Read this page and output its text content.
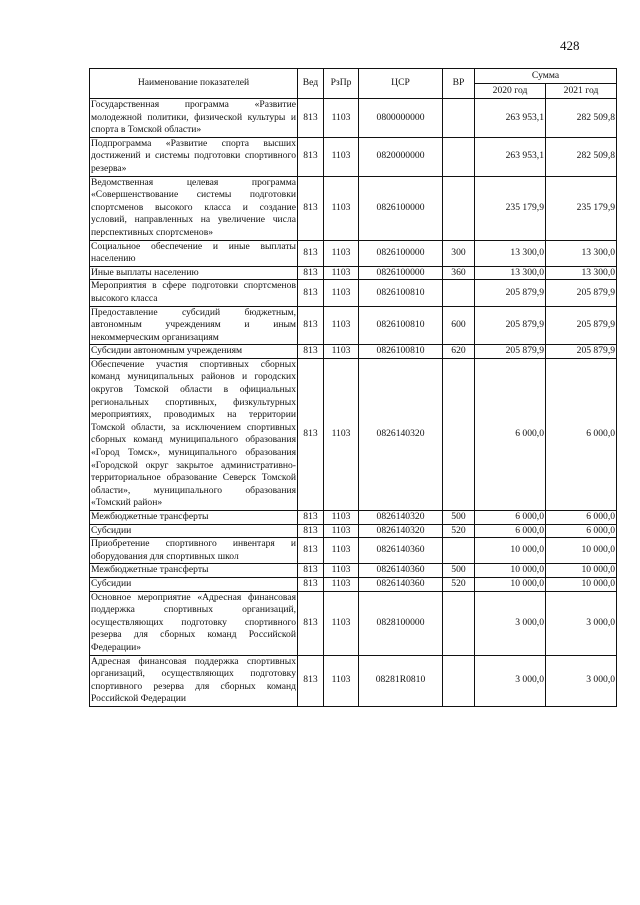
428
Наименование показателей	Вед	РзПр	ЦСР	ВР	Сумма	
					2020 год	2021 год
Государственная программа «Развитие молодежной политики, физической культуры и спорта в Томской области»	813	1103	0800000000		263 953,1	282 509,8
Подпрограмма «Развитие спорта высших достижений и системы подготовки спортивного резерва»	813	1103	0820000000		263 953,1	282 509,8
Ведомственная целевая программа «Совершенствование системы подготовки спортсменов высокого класса и создание условий, направленных на увеличение числа перспективных спортсменов»	813	1103	0826100000		235 179,9	235 179,9
Социальное обеспечение и иные выплаты населению	813	1103	0826100000	300	13 300,0	13 300,0
Иные выплаты населению	813	1103	0826100000	360	13 300,0	13 300,0
Мероприятия в сфере подготовки спортсменов высокого класса	813	1103	0826100810		205 879,9	205 879,9
Предоставление субсидий бюджетным, автономным учреждениям и иным некоммерческим организациям	813	1103	0826100810	600	205 879,9	205 879,9
Субсидии автономным учреждениям	813	1103	0826100810	620	205 879,9	205 879,9
Обеспечение участия спортивных сборных команд муниципальных районов и городских округов Томской области в официальных региональных спортивных, физкультурных мероприятиях, проводимых на территории Томской области, за исключением спортивных сборных команд муниципального образования «Город Томск», муниципального образования «Городской округ закрытое административно-территориальное образование Северск Томской области», муниципального образования «Томский район»	813	1103	0826140320		6 000,0	6 000,0
Межбюджетные трансферты	813	1103	0826140320	500	6 000,0	6 000,0
Субсидии	813	1103	0826140320	520	6 000,0	6 000,0
Приобретение спортивного инвентаря и оборудования для спортивных школ	813	1103	0826140360		10 000,0	10 000,0
Межбюджетные трансферты	813	1103	0826140360	500	10 000,0	10 000,0
Субсидии	813	1103	0826140360	520	10 000,0	10 000,0
Основное мероприятие «Адресная финансовая поддержка спортивных организаций, осуществляющих подготовку спортивного резерва для сборных команд Российской Федерации»	813	1103	0828100000		3 000,0	3 000,0
Адресная финансовая поддержка спортивных организаций, осуществляющих подготовку спортивного резерва для сборных команд Российской Федерации	813	1103	08281R0810		3 000,0	3 000,0
